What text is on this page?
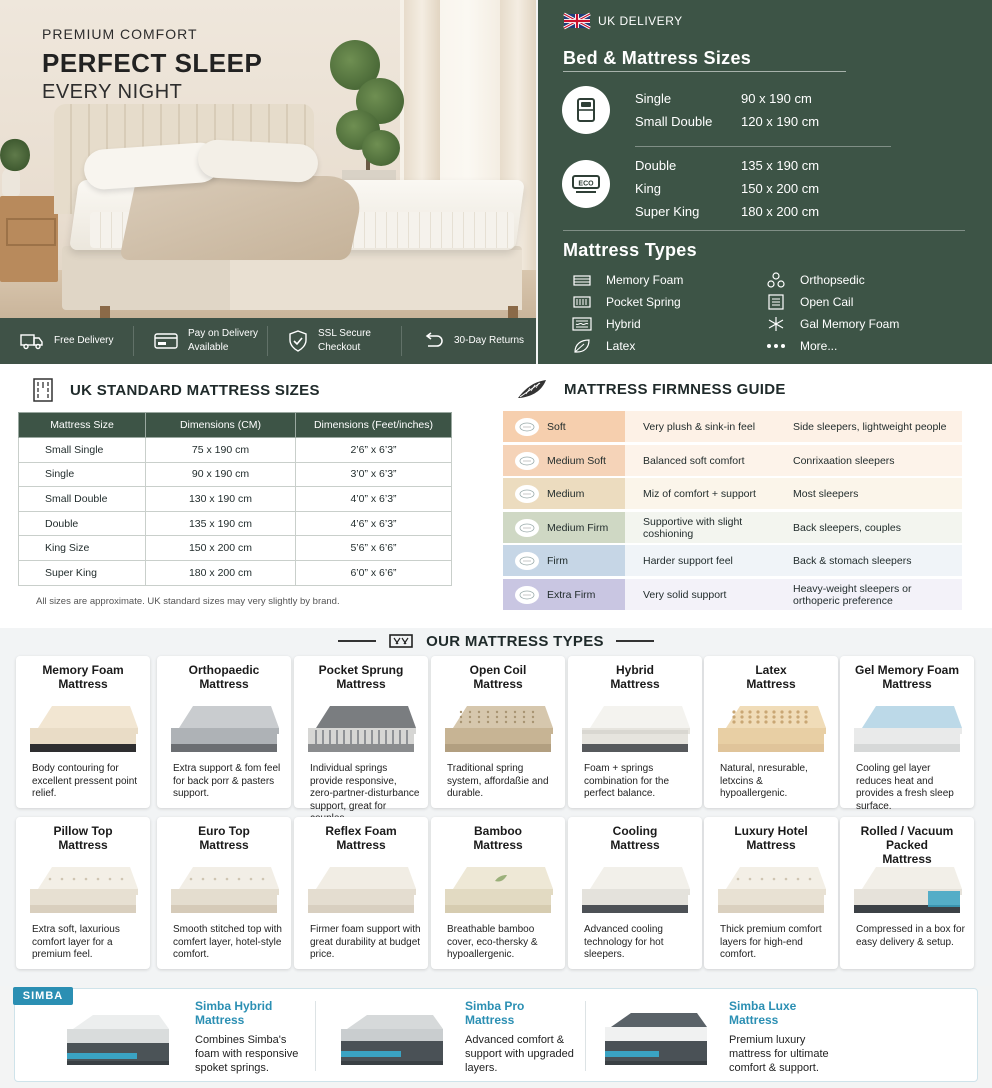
PREMIUM COMFORT
PERFECT SLEEP
EVERY NIGHT
Free Delivery
Pay on Delivery Available
SSL Secure Checkout
30-Day Returns
UK DELIVERY
Bed & Mattress Sizes
Single	90 x 190 cm
Small Double	120 x 190 cm
ECO
Double	135 x 190 cm
King	150 x 200 cm
Super King	180 x 200 cm
Mattress Types
Memory Foam
Pocket Spring
Hybrid
Latex
Orthopsedic
Open Cail
Gal Memory Foam
More...
UK STANDARD MATTRESS SIZES
Mattress Size	Dimensions (CM)	Dimensions (Feet/inches)
Small Single	75 x 190 cm	2’6” x 6’3”
Single	90 x 190 cm	3’0” x 6’3”
Small Double	130 x 190 cm	4’0” x 6’3”
Double	135 x 190 cm	4’6” x 6’3”
King Size	150 x 200 cm	5’6” x 6’6”
Super King	180 x 200 cm	6’0” x 6’6”
All sizes are approximate. UK standard sizes may very slightly by brand.
MATTRESS FIRMNESS GUIDE
Soft	Very plush & sink-in feel	Side sleepers, lightweight people
Medium Soft	Balanced soft comfort	Conrixaation sleepers
Medium	Miz of comfort + support	Most sleepers
Medium Firm	Supportive with slight coshioning	Back sleepers, couples
Firm	Harder support feel	Back & stomach sleepers
Extra Firm	Very solid support	Heavy-weight sleepers or orthoperic preference
OUR MATTRESS TYPES
Memory Foam
Mattress
Body contouring for excellent pressent point relief.
Orthopaedic
Mattress
Extra support & fom feel for back porr & pasters support.
Pocket Sprung
Mattress
Individual springs provide responsive, zero-partner-disturbance support, great for
Open Coil
Mattress
Traditional spring system, affordaßie and durable.
Hybrid
Mattress
Foam + springs combination for the perfect balance.
Latex
Mattress
Natural, nresurable, letxcins & hypoallergenic.
Gel Memory Foam
Mattress
Cooling gel layer reduces heat and provides a fresh sleep surface.
Pillow Top
Mattress
Extra soft, laxurious comfort layer for a premium feel.
Euro Top
Mattress
Smooth stitched top with comfert layer, hotel-style comfort.
Reflex Foam
Mattress
Firmer foam support with great durability at budget price.
Bamboo
Mattress
Breathable bamboo cover, eco-thersky & hypoallergenic.
Cooling
Mattress
Advanced cooling technology for hot sleepers.
Luxury Hotel
Mattress
Thick premium comfort layers for high-end comfort.
Rolled / Vacuum Packed
Mattress
Compressed in a box for easy delivery & setup.
SIMBA
Simba Hybrid
Mattress
Combines Simba's foam with responsive spoket springs.
Simba Pro
Mattress
Advanced comfort & support with upgraded layers.
Simba Luxe
Mattress
Premium luxury mattress for ultimate comfort & support.
